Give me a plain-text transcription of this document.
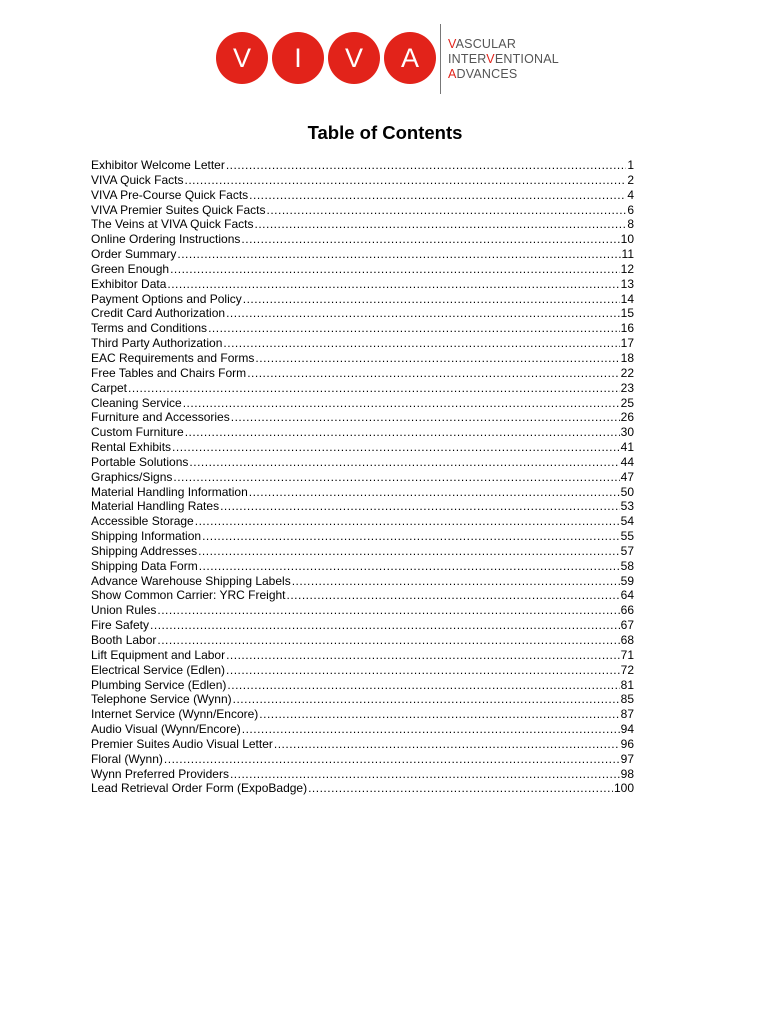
V	I	V	A	VASCULAR
INTERVENTIONAL
ADVANCES
Table of Contents
Exhibitor Welcome Letter .....	1
VIVA Quick Facts .....	2
VIVA Pre-Course Quick Facts .....	4
VIVA Premier Suites Quick Facts .....	6
The Veins at VIVA Quick Facts .....	8
Online Ordering Instructions .....	10
Order Summary .....	11
Green Enough .....	12
Exhibitor Data .....	13
Payment Options and Policy .....	14
Credit Card Authorization .....	15
Terms and Conditions .....	16
Third Party Authorization .....	17
EAC Requirements and Forms .....	18
Free Tables and Chairs Form .....	22
Carpet .....	23
Cleaning Service .....	25
Furniture and Accessories .....	26
Custom Furniture .....	30
Rental Exhibits .....	41
Portable Solutions .....	44
Graphics/Signs .....	47
Material Handling Information .....	50
Material Handling Rates .....	53
Accessible Storage .....	54
Shipping Information .....	55
Shipping Addresses .....	57
Shipping Data Form .....	58
Advance Warehouse Shipping Labels .....	59
Show Common Carrier: YRC Freight .....	64
Union Rules .....	66
Fire Safety .....	67
Booth Labor .....	68
Lift Equipment and Labor .....	71
Electrical Service (Edlen) .....	72
Plumbing Service (Edlen) .....	81
Telephone Service (Wynn) .....	85
Internet Service (Wynn/Encore) .....	87
Audio Visual (Wynn/Encore) .....	94
Premier Suites Audio Visual Letter .....	96
Floral (Wynn) .....	97
Wynn Preferred Providers .....	98
Lead Retrieval Order Form (ExpoBadge) .....	100
